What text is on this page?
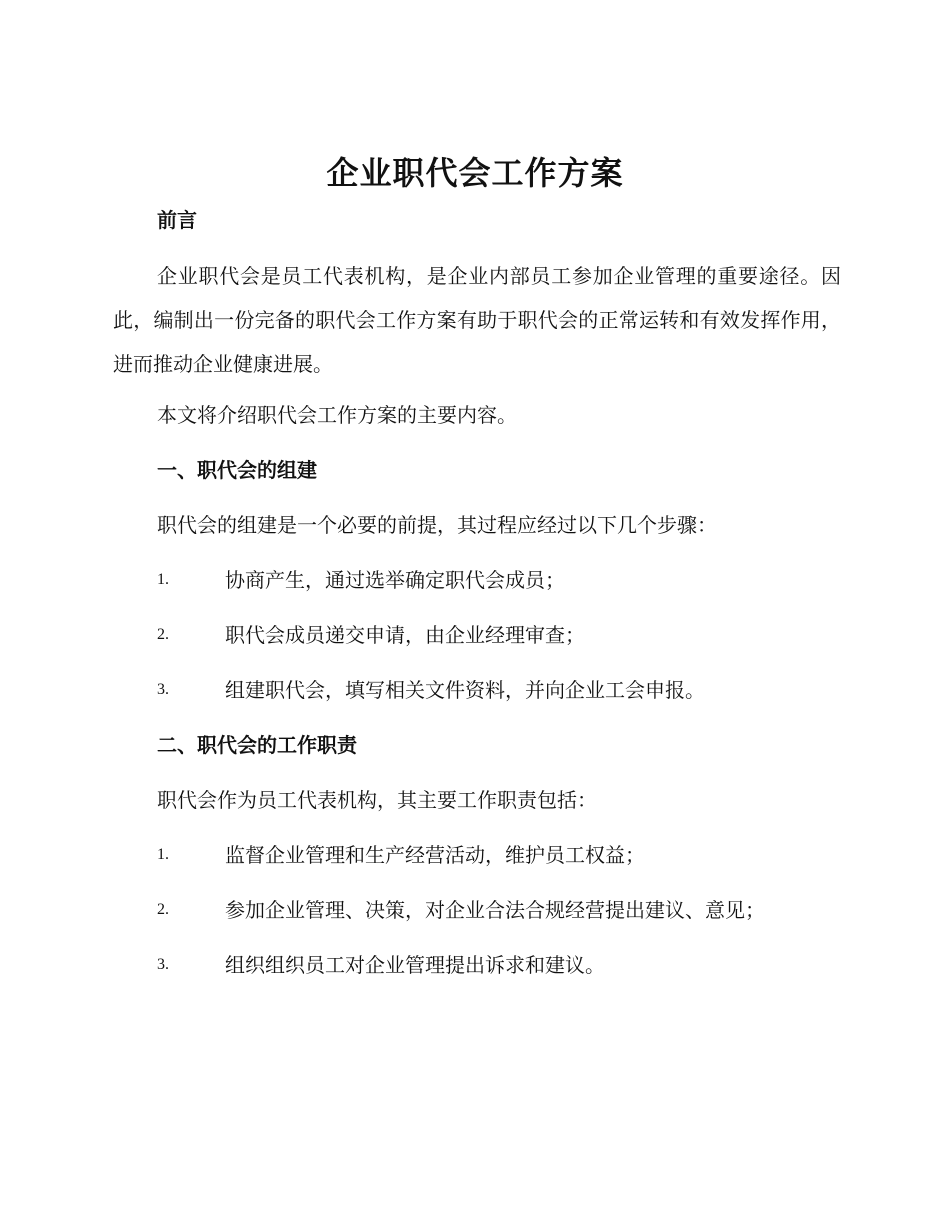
企业职代会工作方案
前言
企业职代会是员工代表机构，是企业内部员工参加企业管理的重要途径。因此，编制出一份完备的职代会工作方案有助于职代会的正常运转和有效发挥作用，进而推动企业健康进展。
本文将介绍职代会工作方案的主要内容。
一、职代会的组建
职代会的组建是一个必要的前提，其过程应经过以下几个步骤：
1.	协商产生，通过选举确定职代会成员；
2.	职代会成员递交申请，由企业经理审查；
3.	组建职代会，填写相关文件资料，并向企业工会申报。
二、职代会的工作职责
职代会作为员工代表机构，其主要工作职责包括：
1.	监督企业管理和生产经营活动，维护员工权益；
2.	参加企业管理、决策，对企业合法合规经营提出建议、意见；
3.	组织组织员工对企业管理提出诉求和建议。
